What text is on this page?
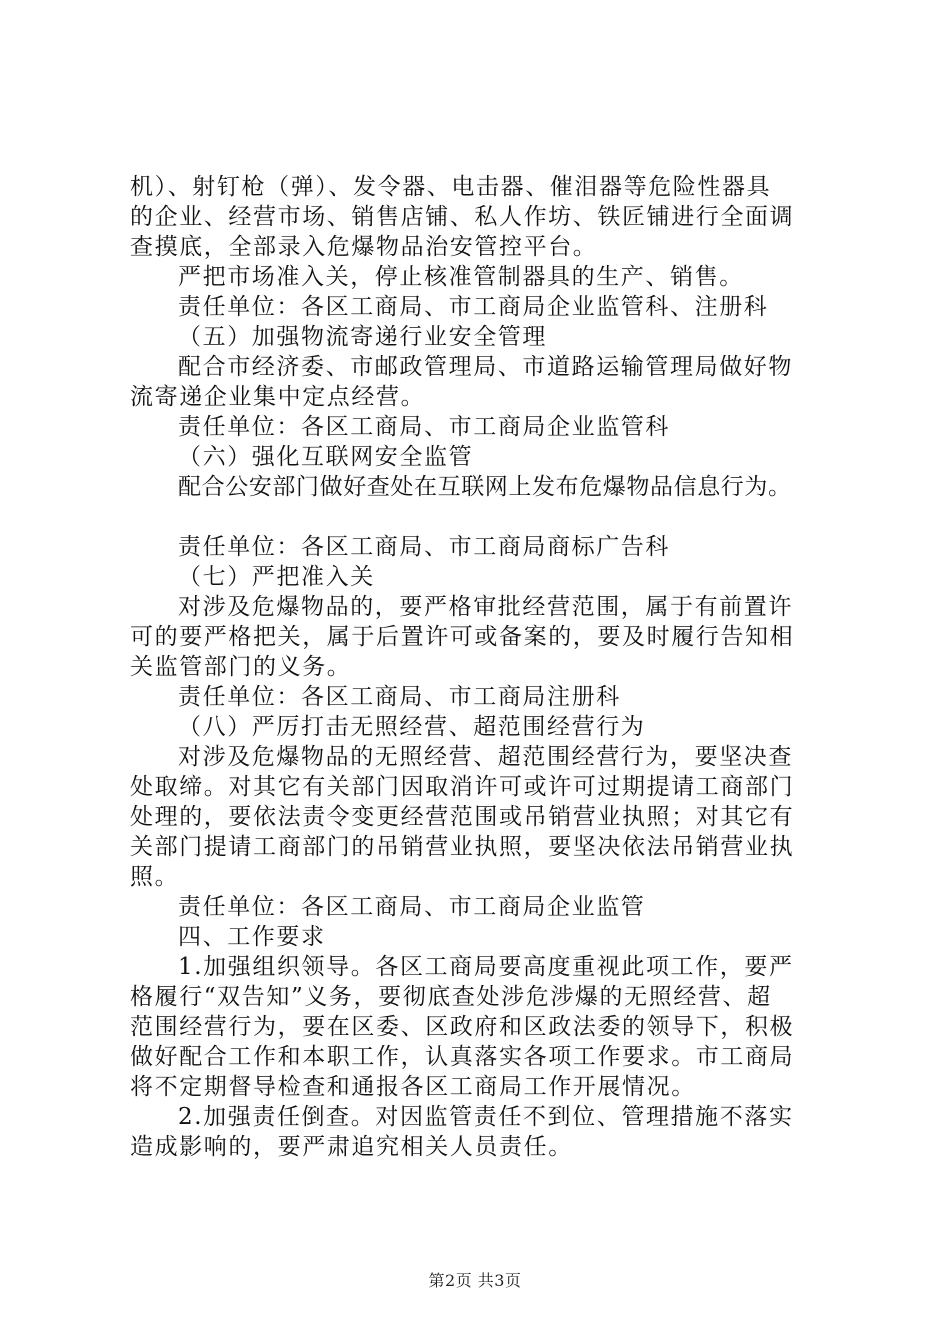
机）、射钉枪（弹）、发令器、电击器、催泪器等危险性器具
的企业、经营市场、销售店铺、私人作坊、铁匠铺进行全面调
查摸底，全部录入危爆物品治安管控平台。
严把市场准入关，停止核准管制器具的生产、销售。
责任单位：各区工商局、市工商局企业监管科、注册科
（五）加强物流寄递行业安全管理
配合市经济委、市邮政管理局、市道路运输管理局做好物
流寄递企业集中定点经营。
责任单位：各区工商局、市工商局企业监管科
（六）强化互联网安全监管
配合公安部门做好查处在互联网上发布危爆物品信息行为。
责任单位：各区工商局、市工商局商标广告科
（七）严把准入关
对涉及危爆物品的，要严格审批经营范围，属于有前置许
可的要严格把关，属于后置许可或备案的，要及时履行告知相
关监管部门的义务。
责任单位：各区工商局、市工商局注册科
（八）严厉打击无照经营、超范围经营行为
对涉及危爆物品的无照经营、超范围经营行为，要坚决查
处取缔。对其它有关部门因取消许可或许可过期提请工商部门
处理的，要依法责令变更经营范围或吊销营业执照；对其它有
关部门提请工商部门的吊销营业执照，要坚决依法吊销营业执
照。
责任单位：各区工商局、市工商局企业监管
四、工作要求
1.加强组织领导。各区工商局要高度重视此项工作，要严
格履行“双告知”义务，要彻底查处涉危涉爆的无照经营、超
范围经营行为，要在区委、区政府和区政法委的领导下，积极
做好配合工作和本职工作，认真落实各项工作要求。市工商局
将不定期督导检查和通报各区工商局工作开展情况。
2.加强责任倒查。对因监管责任不到位、管理措施不落实
造成影响的，要严肃追究相关人员责任。
第2页 共3页
